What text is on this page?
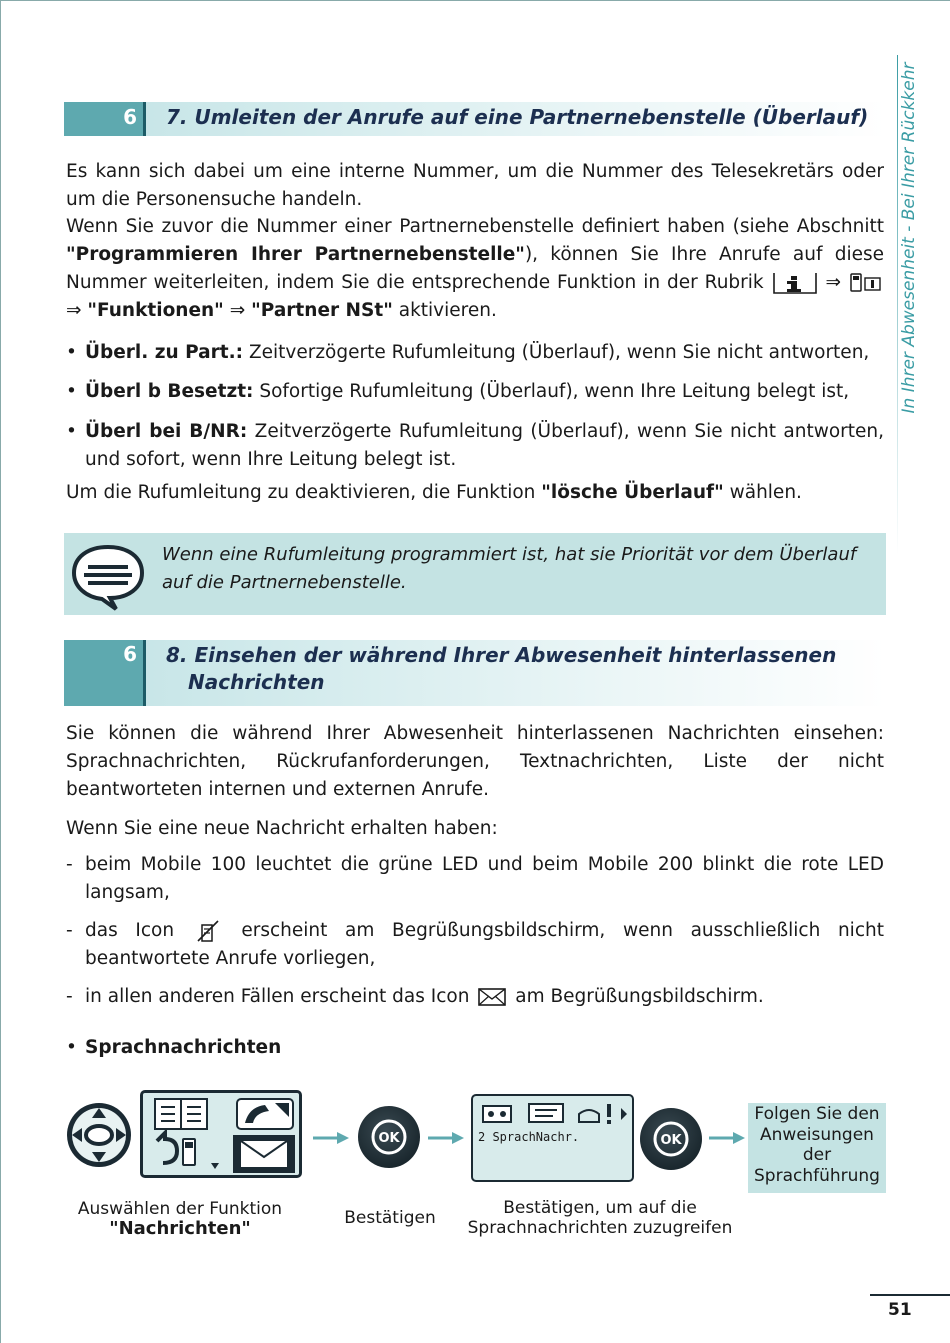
In Ihrer Abwesenheit - Bei Ihrer Rückkehr
6	7. Umleiten der Anrufe auf eine Partnernebenstelle (Überlauf)
Es kann sich dabei um eine interne Nummer, um die Nummer des Telesekretärs oder um die Personensuche handeln.
Wenn Sie zuvor die Nummer einer Partnernebenstelle definiert haben (siehe Abschnitt "Programmieren Ihrer Partnernebenstelle"), können Sie Ihre Anrufe auf diese Nummer weiterleiten, indem Sie die entsprechende Funktion in der Rubrik	⇒  ⇒ "Funktionen" ⇒ "Partner NSt" aktivieren.
• Überl. zu Part.: Zeitverzögerte Rufumleitung (Überlauf), wenn Sie nicht antworten,
• Überl b Besetzt: Sofortige Rufumleitung (Überlauf), wenn Ihre Leitung belegt ist,
• Überl bei B/NR: Zeitverzögerte Rufumleitung (Überlauf), wenn Sie nicht antworten, und sofort, wenn Ihre Leitung belegt ist.
Um die Rufumleitung zu deaktivieren, die Funktion "lösche Überlauf" wählen.
Wenn eine Rufumleitung programmiert ist, hat sie Priorität vor dem Überlauf auf die Partnernebenstelle.
6	8. Einsehen der während Ihrer Abwesenheit hinterlassenen
Nachrichten
Sie können die während Ihrer Abwesenheit hinterlassenen Nachrichten einsehen: Sprachnachrichten, Rückrufanforderungen, Textnachrichten, Liste der nicht beantworteten internen und externen Anrufe.
Wenn Sie eine neue Nachricht erhalten haben:
- beim Mobile 100 leuchtet die grüne LED und beim Mobile 200 blinkt die rote LED langsam,
- das Icon	erscheint am Begrüßungsbildschirm, wenn ausschließlich nicht beantwortete Anrufe vorliegen,
- in allen anderen Fällen erscheint das Icon am Begrüßungsbildschirm.
• Sprachnachrichten
OK	2 SprachNachr.	OK
Folgen Sie den
Anweisungen
der
Sprachführung
Auswählen der Funktion
"Nachrichten"	Bestätigen	Bestätigen, um auf die
Sprachnachrichten zuzugreifen
51
